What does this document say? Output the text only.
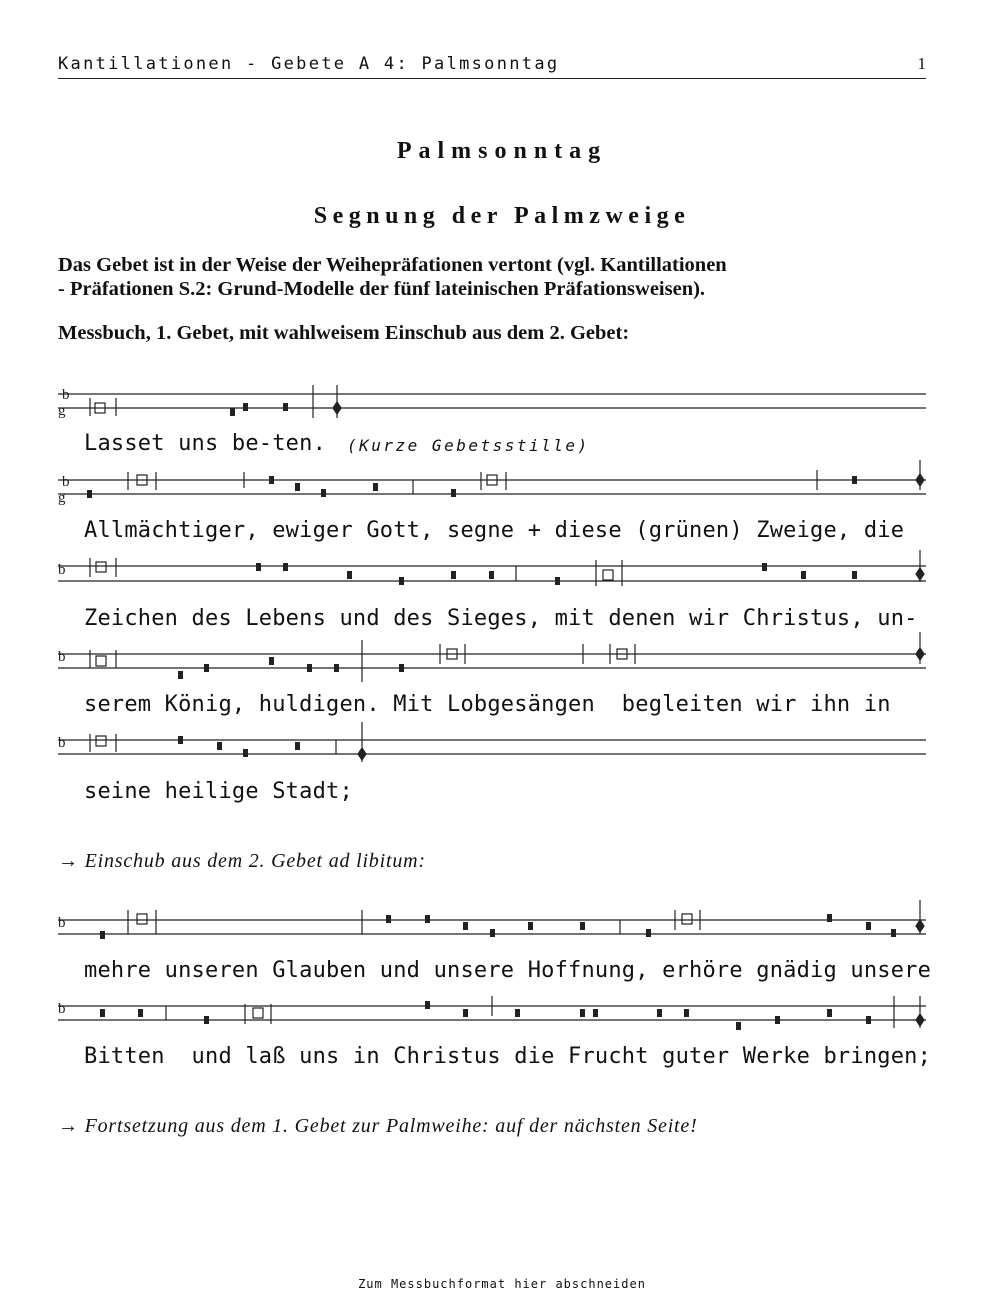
Kantillationen - Gebete A 4: Palmsonntag	1
Palmsonntag
Segnung der Palmzweige

Das Gebet ist in der Weise der Weihepräfationen vertont (vgl. Kantillationen

- Präfationen S.2: Grund-Modelle der fünf lateinischen Präfationsweisen).

Messbuch, 1. Gebet, mit wahlweisem Einschub aus dem 2. Gebet:
b
g
b
g
b
b
b
b
b
Lasset uns be-ten. (Kurze Gebetsstille)
Allmächtiger, ewiger Gott, segne + diese (grünen) Zweige, die
Zeichen des Lebens und des Sieges, mit denen wir Christus, un-
serem König, huldigen. Mit Lobgesängen  begleiten wir ihn in
seine heilige Stadt;
→ Einschub aus dem 2. Gebet ad libitum:
mehre unseren Glauben und unsere Hoffnung, erhöre gnädig unsere
Bitten  und laß uns in Christus die Frucht guter Werke bringen;
→ Fortsetzung aus dem 1. Gebet zur Palmweihe: auf der nächsten Seite!
Zum Messbuchformat hier abschneiden
